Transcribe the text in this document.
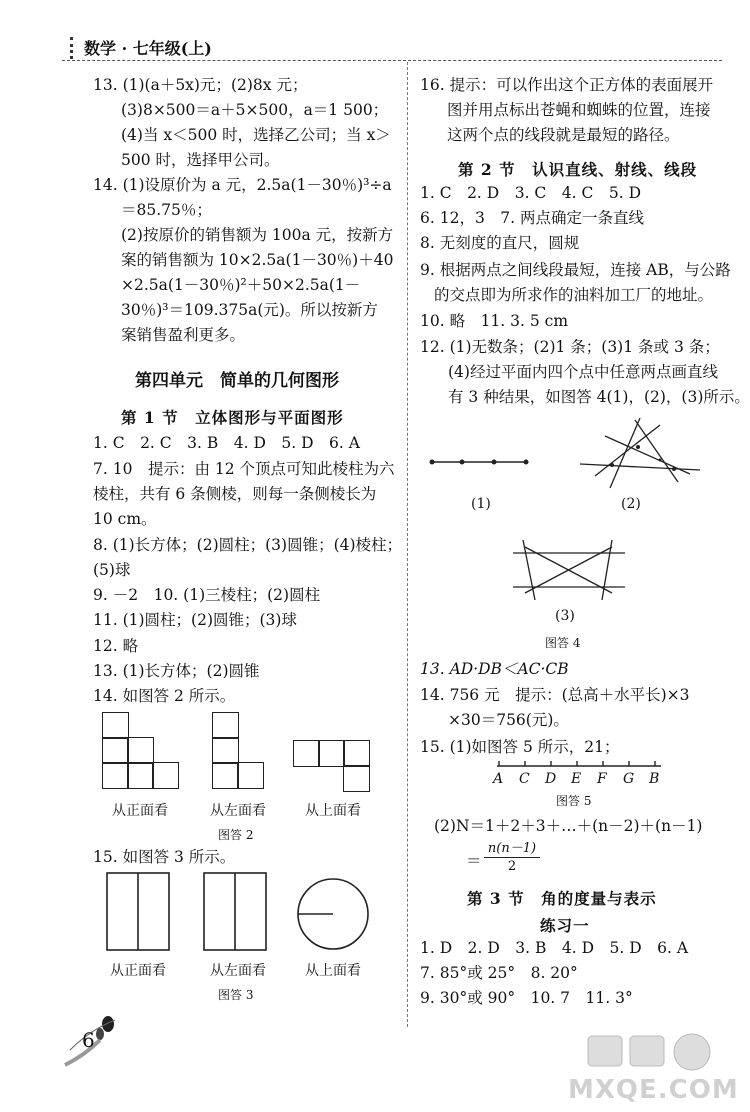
数学 · 七年级(上)
13. (1)(a＋5x)元；(2)8x 元；
(3)8×500＝a＋5×500，a＝1 500；
(4)当 x＜500 时，选择乙公司；当 x＞
500 时，选择甲公司。
14. (1)设原价为 a 元，2.5a(1－30％)³÷a
＝85.75％；
(2)按原价的销售额为 100a 元，按新方
案的销售额为 10×2.5a(1－30％)＋40
×2.5a(1－30％)²＋50×2.5a(1－
30％)³＝109.375a(元)。所以按新方
案销售盈利更多。
第四单元　简单的几何图形
第 1 节　立体图形与平面图形
1. C　2. C　3. B　4. D　5. D　6. A
7. 10　提示：由 12 个顶点可知此棱柱为六
棱柱，共有 6 条侧棱，则每一条侧棱长为
10 cm。
8. (1)长方体；(2)圆柱；(3)圆锥；(4)棱柱；
(5)球
9. －2　10. (1)三棱柱；(2)圆柱
11. (1)圆柱；(2)圆锥；(3)球
12. 略
13. (1)长方体；(2)圆锥
14. 如图答 2 所示。
从正面看	从左面看	从上面看
图答 2
15. 如图答 3 所示。
从正面看	从左面看	从上面看
图答 3
6
16. 提示：可以作出这个正方体的表面展开
图并用点标出苍蝇和蜘蛛的位置，连接
这两个点的线段就是最短的路径。
第 2 节　认识直线、射线、线段
1. C　2. D　3. C　4. C　5. D
6. 12，3　7. 两点确定一条直线
8. 无刻度的直尺，圆规
9. 根据两点之间线段最短，连接 AB，与公路
的交点即为所求作的油料加工厂的地址。
10. 略　11. 3. 5 cm
12. (1)无数条；(2)1 条；(3)1 条或 3 条；
(4)经过平面内四个点中任意两点画直线
有 3 种结果，如图答 4(1)，(2)，(3)所示。
(1)	(2)
(3)
图答 4
13. AD·DB＜AC·CB
14. 756 元　提示：(总高＋水平长)×3
×30＝756(元)。
15. (1)如图答 5 所示，21；
A C D E F G B
图答 5
(2)N＝1＋2＋3＋…＋(n－2)＋(n－1)
＝ $\frac{n(n-1)}{2}$
第 3 节　角的度量与表示
练习一
1. D　2. D　3. B　4. D　5. D　6. A
7. 85°或 25°　8. 20°
9. 30°或 90°　10. 7　11. 3°
MXQE.COM
